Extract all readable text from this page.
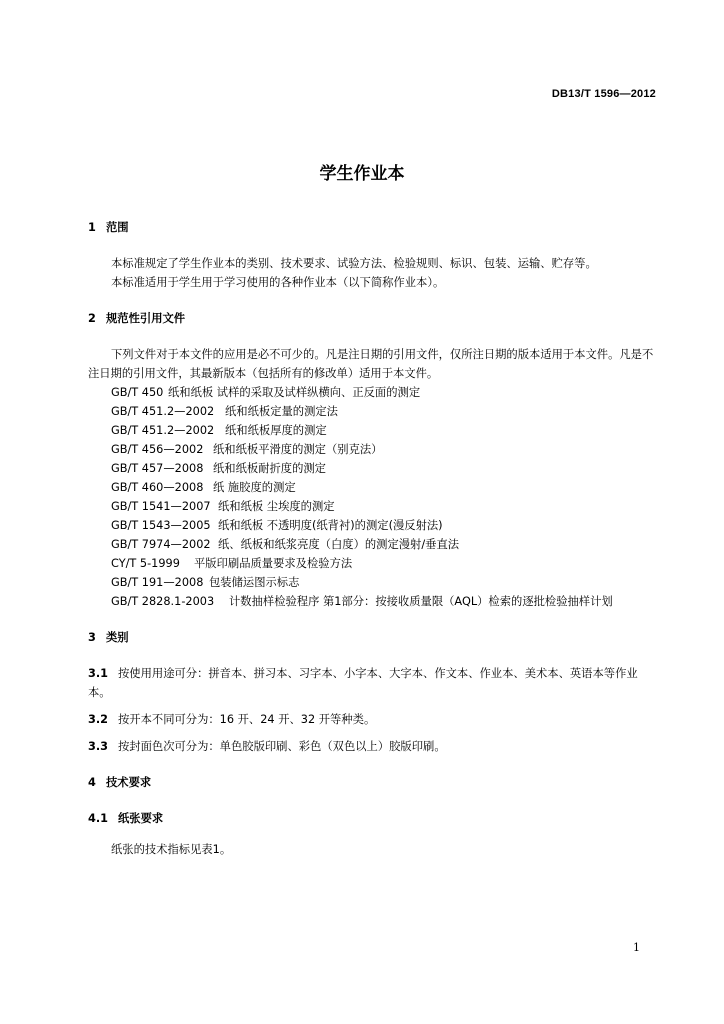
DB13/T 1596—2012
学生作业本
1 范围

本标准规定了学生作业本的类别、技术要求、试验方法、检验规则、标识、包装、运输、贮存等。

本标准适用于学生用于学习使用的各种作业本（以下简称作业本）。

2 规范性引用文件

下列文件对于本文件的应用是必不可少的。凡是注日期的引用文件，仅所注日期的版本适用于本文件。凡是不注日期的引用文件，其最新版本（包括所有的修改单）适用于本文件。

GB/T 450 纸和纸板 试样的采取及试样纵横向、正反面的测定
GB/T 451.2—2002 纸和纸板定量的测定法
GB/T 451.2—2002 纸和纸板厚度的测定
GB/T 456—2002 纸和纸板平滑度的测定（别克法）
GB/T 457—2008 纸和纸板耐折度的测定
GB/T 460—2008 纸 施胶度的测定
GB/T 1541—2007 纸和纸板 尘埃度的测定
GB/T 1543—2005 纸和纸板 不透明度(纸背衬)的测定(漫反射法)
GB/T 7974—2002 纸、纸板和纸浆亮度（白度）的测定漫射/垂直法
CY/T 5-1999 平版印刷品质量要求及检验方法
GB/T 191—2008 包装储运图示标志
GB/T 2828.1-2003 计数抽样检验程序 第1部分：按接收质量限（AQL）检索的逐批检验抽样计划
3 类别

3.1 按使用用途可分：拼音本、拼习本、习字本、小字本、大字本、作文本、作业本、美术本、英语本等作业本。

3.2 按开本不同可分为：16 开、24 开、32 开等种类。

3.3 按封面色次可分为：单色胶版印刷、彩色（双色以上）胶版印刷。

4 技术要求
4.1 纸张要求

纸张的技术指标见表1。

1
